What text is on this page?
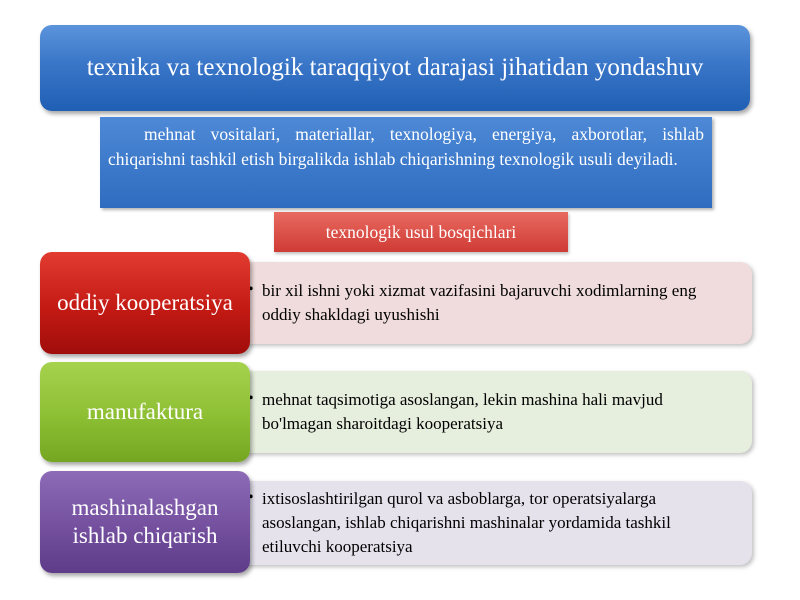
texnika va texnologik taraqqiyot darajasi jihatidan yondashuv
mehnat vositalari, materiallar, texnologiya, energiya, axborotlar, ishlab chiqarishni tashkil etish birgalikda ishlab chiqarishning texnologik usuli deyiladi.
texnologik usul bosqichlari
• bir xil ishni yoki xizmat vazifasini bajaruvchi xodimlarning eng oddiy shakldagi uyushishi
oddiy kooperatsiya
• mehnat taqsimotiga asoslangan, lekin mashina hali mavjud bo'lmagan sharoitdagi kooperatsiya
manufaktura
• ixtisoslashtirilgan qurol va asboblarga, tor operatsiyalarga asoslangan, ishlab chiqarishni mashinalar yordamida tashkil etiluvchi kooperatsiya
mashinalashgan ishlab chiqarish
